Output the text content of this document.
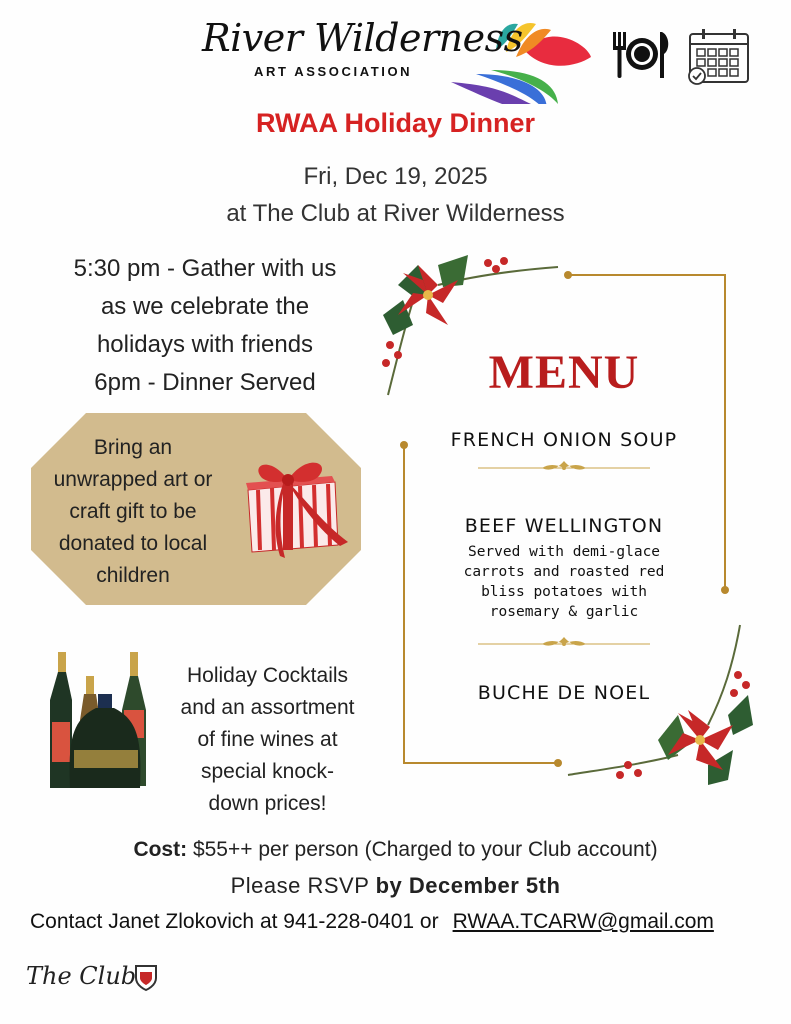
River Wilderness
ART ASSOCIATION
RWAA Holiday Dinner
Fri, Dec 19, 2025
at The Club at River Wilderness
5:30 pm - Gather with us
as we celebrate the
holidays with friends
6pm - Dinner Served
Bring an
unwrapped art or
craft gift to be
donated to local
children
Holiday Cocktails
and an assortment
of fine wines at
special knock-
down prices!
MENU
FRENCH ONION SOUP
BEEF WELLINGTON
Served with demi-glace
carrots and roasted red
bliss potatoes with
rosemary & garlic
BUCHE DE NOEL
Cost: $55++ per person (Charged to your Club account)
Please RSVP by December 5th
Contact Janet Zlokovich at 941-228-0401 or RWAA.TCARW@gmail.com
The Club
